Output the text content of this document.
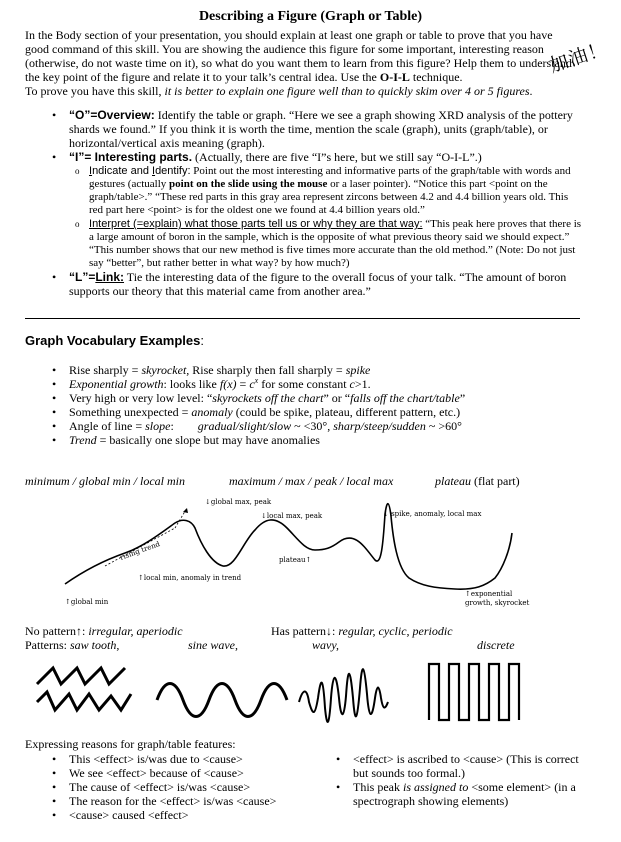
Describing a Figure (Graph or Table)
In the Body section of your presentation, you should explain at least one graph or table to prove that you have good command of this skill. You are showing the audience this figure for some important, interesting reason (otherwise, do not waste time on it), so what do you want them to learn from this figure? Help them to understand the key point of the figure and relate it to your talk’s central idea. Use the O-I-L technique.
To prove you have this skill, it is better to explain one figure well than to quickly skim over 4 or 5 figures.
加油！
• “O”=Overview: Identify the table or graph. “Here we see a graph showing XRD analysis of the pottery shards we found.” If you think it is worth the time, mention the scale (graph), units (graph/table), or horizontal/vertical axis meaning (graph).
• “I”= Interesting parts. (Actually, there are five “I”s here, but we still say “O-I-L”.)
o Indicate and Identify: Point out the most interesting and informative parts of the graph/table with words and gestures (actually point on the slide using the mouse or a laser pointer). “Notice this part <point on the graph/table>.” “These red parts in this gray area represent zircons between 4.2 and 4.4 billion years old. This red part here <point> is for the oldest one we found at 4.4 billion years old.”
o Interpret (=explain) what those parts tell us or why they are that way: “This peak here proves that there is a large amount of boron in the sample, which is the opposite of what previous theory said we should expect.” “This number shows that our new method is five times more accurate than the old method.” (Note: Do not just say “better”, but rather better in what way? by how much?)
• “L”=Link: Tie the interesting data of the figure to the overall focus of your talk. “The amount of boron supports our theory that this material came from another area.”
Graph Vocabulary Examples:
• Rise sharply = skyrocket, Rise sharply then fall sharply = spike
• Exponential growth: looks like $f(x) = c^x$ for some constant c>1.
• Very high or very low level: “skyrockets off the chart” or “falls off the chart/table”
• Something unexpected = anomaly (could be spike, plateau, different pattern, etc.)
• Angle of line = slope: gradual/slight/slow ~ <30°, sharp/steep/sudden ~ >60°
• Trend = basically one slope but may have anomalies
minimum / global min / local min	maximum / max / peak / local max	plateau (flat part)
↓global max, peak
↓local max, peak	↓ spike, anomaly, local max
rising trend	plateau↑
↑local min, anomaly in trend
↑global min
↑exponential
growth, skyrocket
No pattern↑: irregular, aperiodic	Has pattern↓: regular, cyclic, periodic
Patterns: saw tooth,	sine wave,	wavy,	discrete
Expressing reasons for graph/table features:
• This <effect> is/was due to <cause>
• We see <effect> because of <cause>
• The cause of <effect> is/was <cause>
• The reason for the <effect> is/was <cause>
• <cause> caused <effect>
• <effect> is ascribed to <cause> (This is correct but sounds too formal.)
• This peak is assigned to <some element> (in a spectrograph showing elements)
